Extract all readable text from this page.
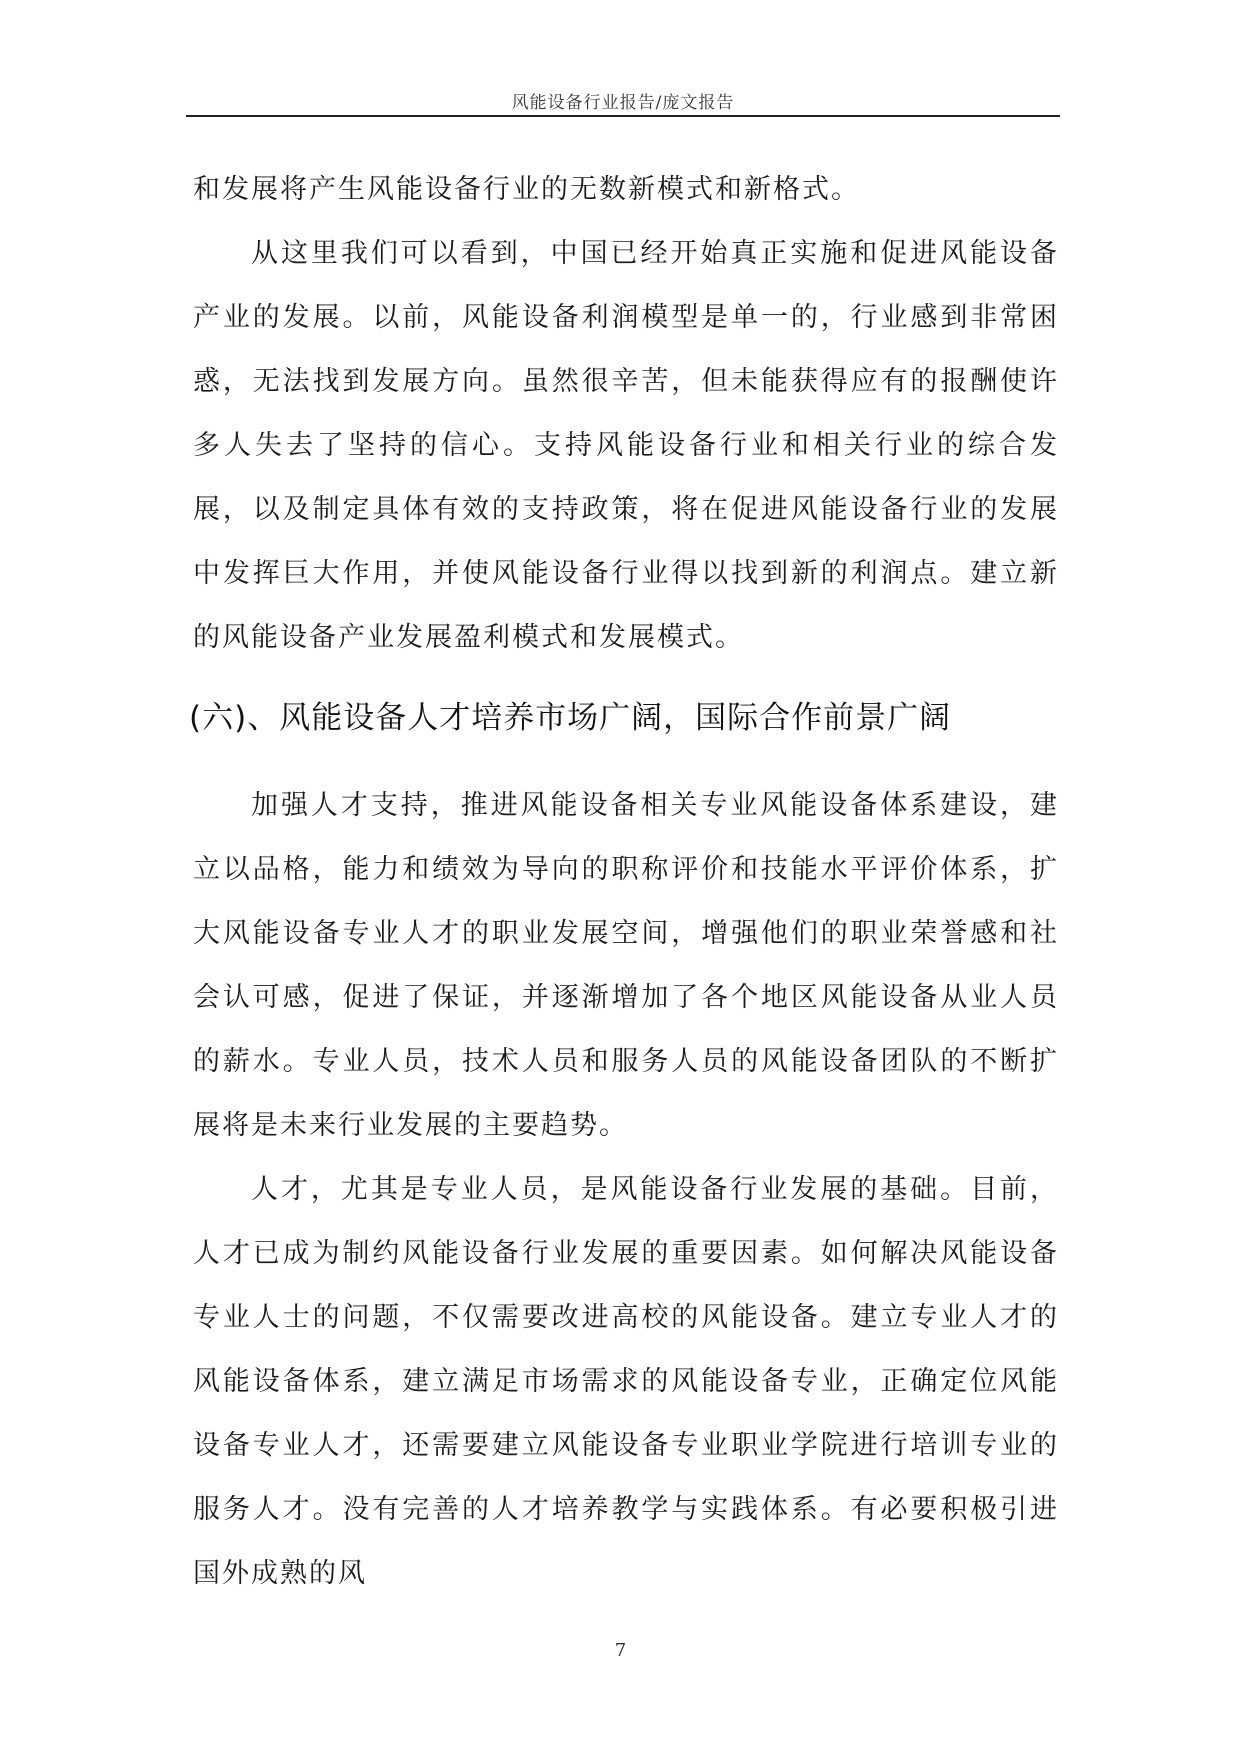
风能设备行业报告/庞文报告

和发展将产生风能设备行业的无数新模式和新格式。

从这里我们可以看到，中国已经开始真正实施和促进风能设备产业的发展。以前，风能设备利润模型是单一的，行业感到非常困惑，无法找到发展方向。虽然很辛苦，但未能获得应有的报酬使许多人失去了坚持的信心。支持风能设备行业和相关行业的综合发展，以及制定具体有效的支持政策，将在促进风能设备行业的发展中发挥巨大作用，并使风能设备行业得以找到新的利润点。建立新的风能设备产业发展盈利模式和发展模式。

(六)、风能设备人才培养市场广阔，国际合作前景广阔

加强人才支持，推进风能设备相关专业风能设备体系建设，建立以品格，能力和绩效为导向的职称评价和技能水平评价体系，扩大风能设备专业人才的职业发展空间，增强他们的职业荣誉感和社会认可感，促进了保证，并逐渐增加了各个地区风能设备从业人员的薪水。专业人员，技术人员和服务人员的风能设备团队的不断扩展将是未来行业发展的主要趋势。

人才，尤其是专业人员，是风能设备行业发展的基础。目前，人才已成为制约风能设备行业发展的重要因素。如何解决风能设备专业人士的问题，不仅需要改进高校的风能设备。建立专业人才的风能设备体系，建立满足市场需求的风能设备专业，正确定位风能设备专业人才，还需要建立风能设备专业职业学院进行培训专业的服务人才。没有完善的人才培养教学与实践体系。有必要积极引进国外成熟的风

7
